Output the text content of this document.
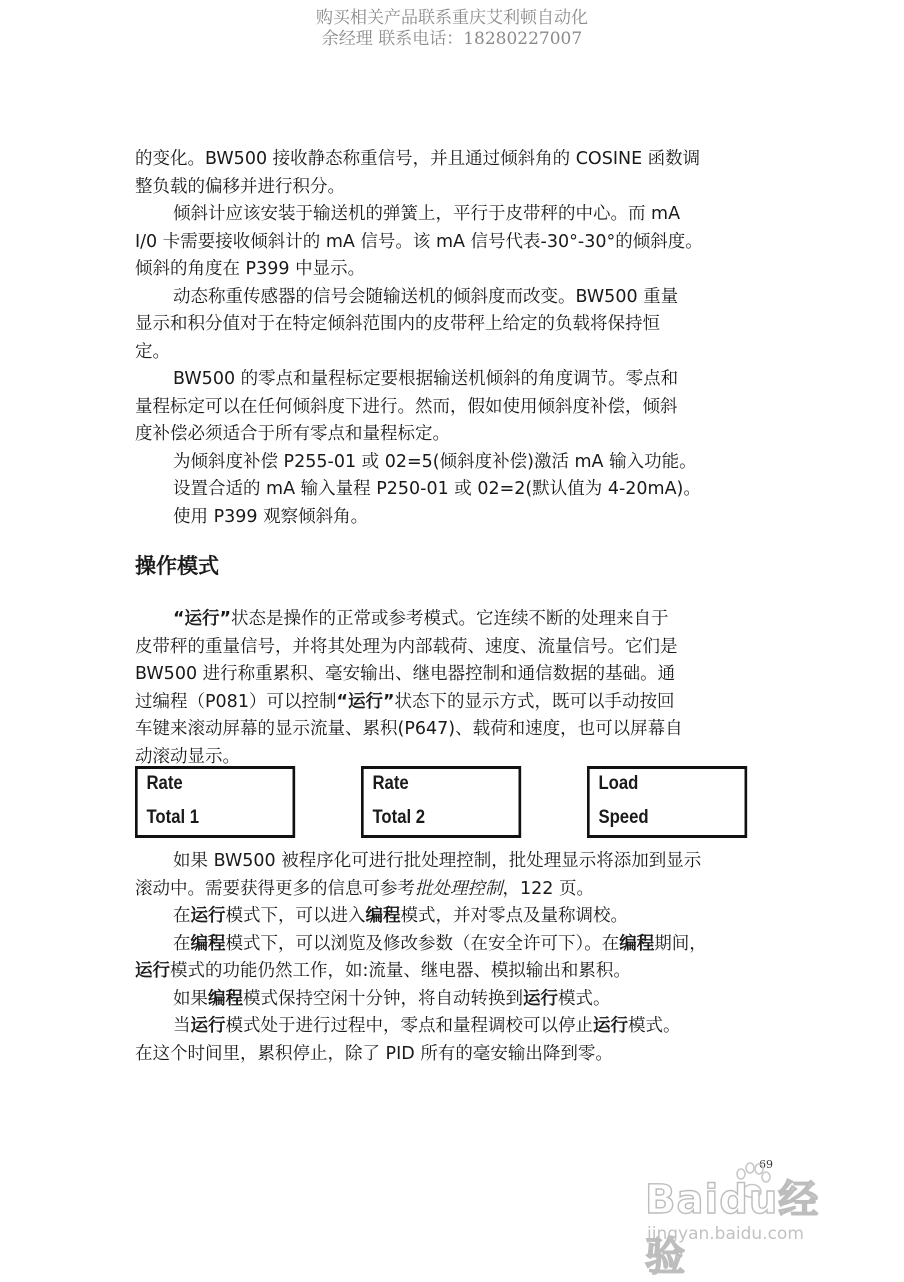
购买相关产品联系重庆艾利顿自动化
余经理 联系电话：18280227007
的变化。BW500 接收静态称重信号，并且通过倾斜角的 COSINE 函数调
整负载的偏移并进行积分。
倾斜计应该安装于输送机的弹簧上，平行于皮带秤的中心。而 mA
I/0 卡需要接收倾斜计的 mA 信号。该 mA 信号代表-30°-30°的倾斜度。
倾斜的角度在 P399 中显示。
动态称重传感器的信号会随输送机的倾斜度而改变。BW500 重量
显示和积分值对于在特定倾斜范围内的皮带秤上给定的负载将保持恒
定。
BW500 的零点和量程标定要根据输送机倾斜的角度调节。零点和
量程标定可以在任何倾斜度下进行。然而，假如使用倾斜度补偿，倾斜
度补偿必须适合于所有零点和量程标定。
为倾斜度补偿 P255-01 或 02=5(倾斜度补偿)激活 mA 输入功能。
设置合适的 mA 输入量程 P250-01 或 02=2(默认值为 4-20mA)。
使用 P399 观察倾斜角。
操作模式
“运行”状态是操作的正常或参考模式。它连续不断的处理来自于
皮带秤的重量信号，并将其处理为内部载荷、速度、流量信号。它们是
BW500 进行称重累积、毫安输出、继电器控制和通信数据的基础。通
过编程（P081）可以控制“运行”状态下的显示方式，既可以手动按回
车键来滚动屏幕的显示流量、累积(P647)、载荷和速度，也可以屏幕自
动滚动显示。
Rate
Total 1
Rate
Total 2
Load
Speed
如果 BW500 被程序化可进行批处理控制，批处理显示将添加到显示
滚动中。需要获得更多的信息可参考批处理控制，122 页。
在运行模式下，可以进入编程模式，并对零点及量称调校。
在编程模式下，可以浏览及修改参数（在安全许可下）。在编程期间，
运行模式的功能仍然工作，如:流量、继电器、模拟输出和累积。
如果编程模式保持空闲十分钟，将自动转换到运行模式。
当运行模式处于进行过程中，零点和量程调校可以停止运行模式。
在这个时间里，累积停止，除了 PID 所有的毫安输出降到零。
69
Baidu经验
jingyan.baidu.com
